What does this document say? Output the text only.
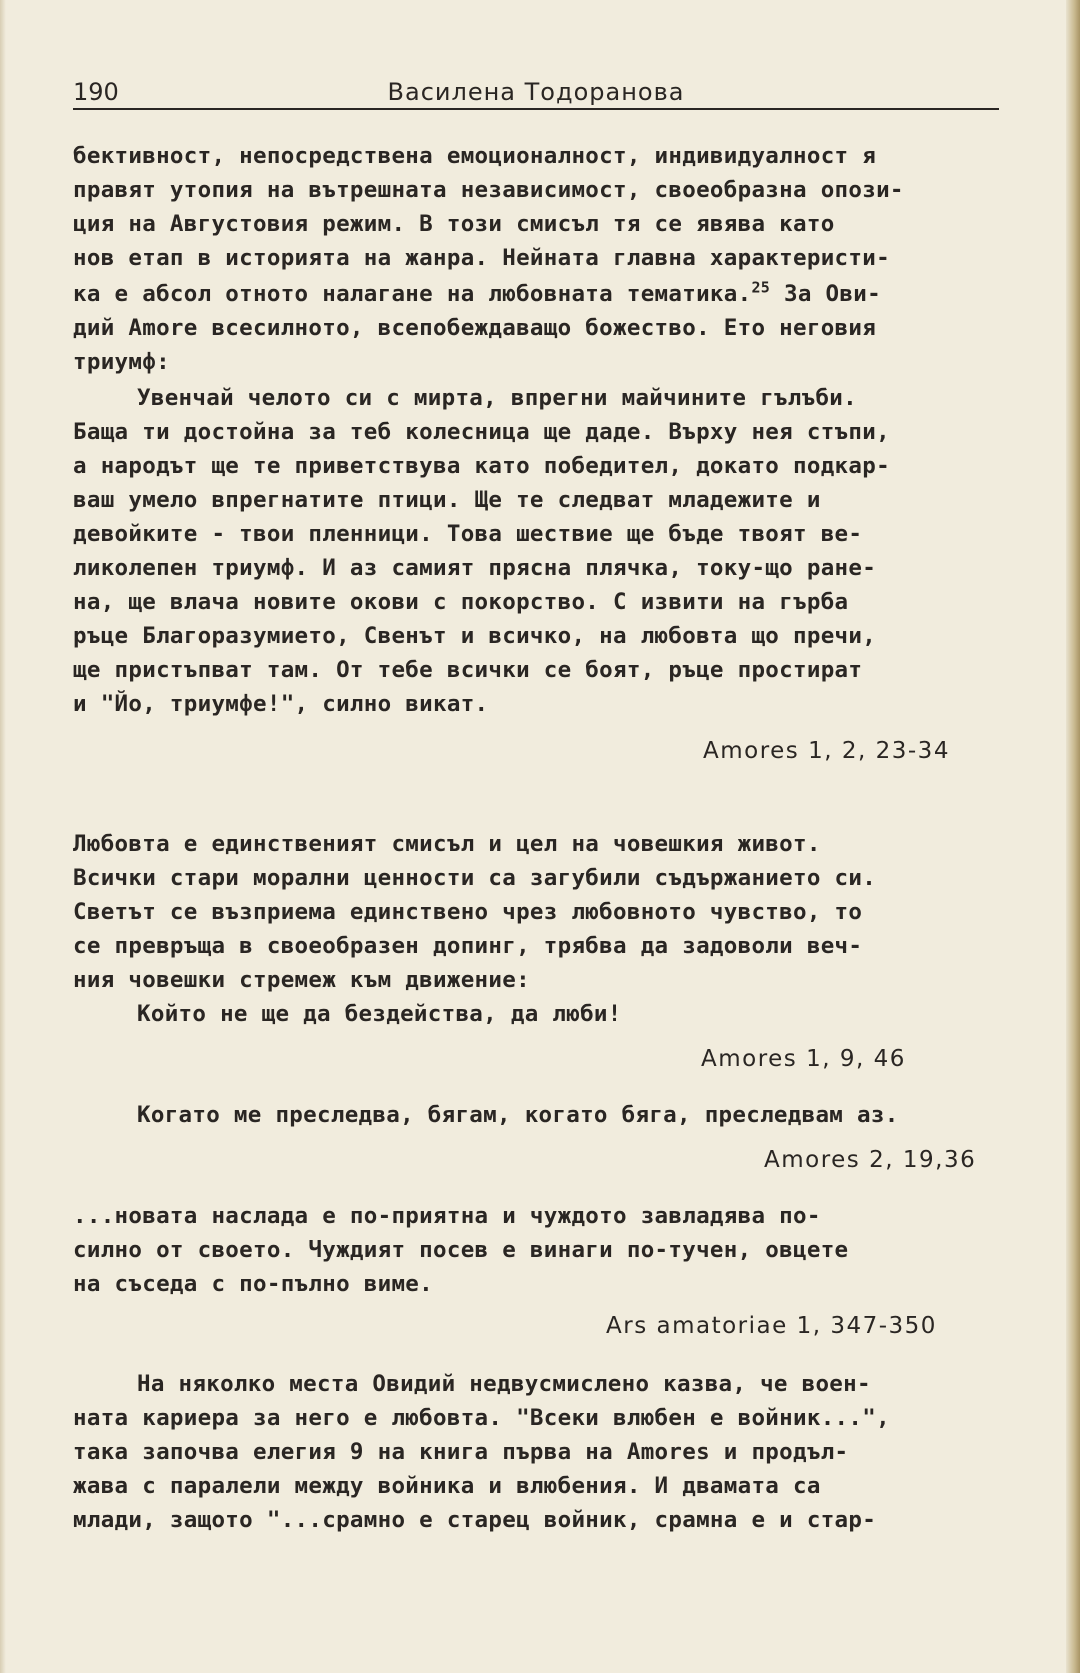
190	Василена Тодоранова
бективност, непосредствена емоционалност, индивидуалност я
правят утопия на вътрешната независимост, своеобразна опози-
ция на Августовия режим. В този смисъл тя се явява като
нов етап в историята на жанра. Нейната главна характеристи-
ка е абсол отното налагане на любовната тематика.$^{25}$ За Ови-
дий Amore всесилното, всепобеждаващо божество. Ето неговия
триумф:
Увенчай челото си с мирта, впрегни майчините гълъби.
Баща ти достойна за теб колесница ще даде. Върху нея стъпи,
а народът ще те приветствува като победител, докато подкар-
ваш умело впрегнатите птици. Ще те следват младежите и
девойките - твои пленници. Това шествие ще бъде твоят ве-
ликолепен триумф. И аз самият прясна плячка, току-що ране-
на, ще влача новите окови с покорство. С извити на гърба
ръце Благоразумието, Свенът и всичко, на любовта що пречи,
ще пристъпват там. От тебе всички се боят, ръце простират
и "Йо, триумфе!", силно викат.
Amores 1, 2, 23-34
Любовта е единственият смисъл и цел на човешкия живот.
Всички стари морални ценности са загубили съдържанието си.
Светът се възприема единствено чрез любовното чувство, то
се превръща в своеобразен допинг, трябва да задоволи веч-
ния човешки стремеж към движение:
Който не ще да бездейства, да люби!
Amores 1, 9, 46
Когато ме преследва, бягам, когато бяга, преследвам аз.
Amores 2, 19,36
...новата наслада е по-приятна и чуждото завладява по-
силно от своето. Чуждият посев е винаги по-тучен, овцете
на съседа с по-пълно виме.
Ars amatoriae 1, 347-350
На няколко места Овидий недвусмислено казва, че воен-
ната кариера за него е любовта. "Всеки влюбен е войник...",
така започва елегия 9 на книга първа на Amores и продъл-
жава с паралели между войника и влюбения. И двамата са
млади, защото "...срамно е старец войник, срамна е и стар-
